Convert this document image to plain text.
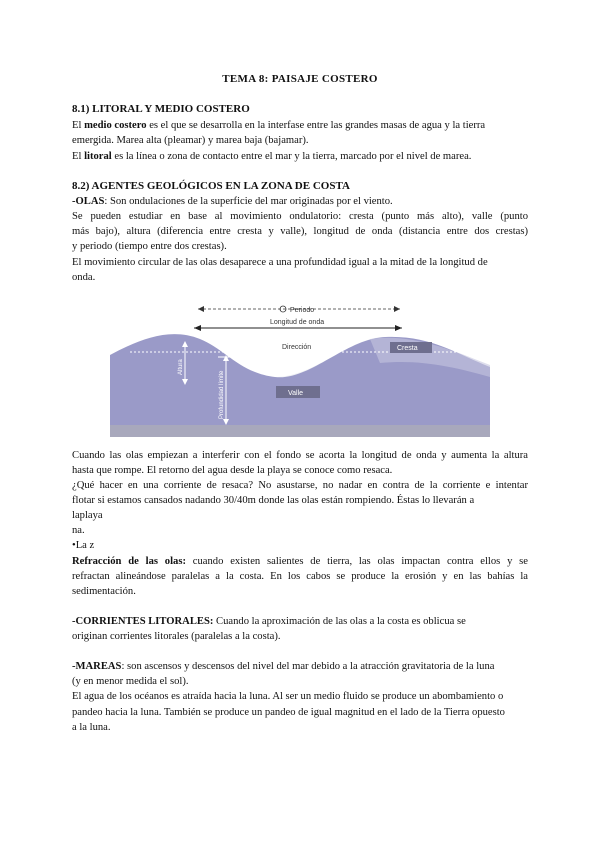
TEMA 8: PAISAJE COSTERO
8.1) LITORAL Y MEDIO COSTERO
El medio costero es el que se desarrolla en la interfase entre las grandes masas de agua y la tierra
emergida. Marea alta (pleamar) y marea baja (bajamar).
El litoral es la línea o zona de contacto entre el mar y la tierra, marcado por el nivel de marea.
8.2) AGENTES GEOLÓGICOS EN LA ZONA DE COSTA
-OLAS: Son ondulaciones de la superficie del mar originadas por el viento.
Se pueden estudiar en base al movimiento ondulatorio: cresta (punto más alto), valle (punto
más bajo), altura (diferencia entre cresta y valle), longitud de onda (distancia entre dos crestas)
y periodo (tiempo entre dos crestas).
El movimiento circular de las olas desaparece a una profundidad igual a la mitad de la longitud de
onda.
Periodo
Longitud de onda
Dirección	Cresta
Valle
Altura
Profundidad límite
Cuando las olas empiezan a interferir con el fondo se acorta la longitud de onda y aumenta la altura
hasta que rompe. El retorno del agua desde la playa se conoce como resaca.
¿Qué hacer en una corriente de resaca? No asustarse, no nadar en contra de la corriente e intentar
flotar si estamos cansados nadando 30/40m donde las olas están rompiendo. Éstas lo llevarán a
laplaya
na.
•La z
Refracción de las olas: cuando existen salientes de tierra, las olas impactan contra ellos y se
refractan alineándose paralelas a la costa. En los cabos se produce la erosión y en las bahías la
sedimentación.
-CORRIENTES LITORALES: Cuando la aproximación de las olas a la costa es oblicua se
originan corrientes litorales (paralelas a la costa).
-MAREAS: son ascensos y descensos del nivel del mar debido a la atracción gravitatoria de la luna
(y en menor medida el sol).
El agua de los océanos es atraída hacia la luna. Al ser un medio fluido se produce un abombamiento o
pandeo hacia la luna. También se produce un pandeo de igual magnitud en el lado de la Tierra opuesto
a la luna.
